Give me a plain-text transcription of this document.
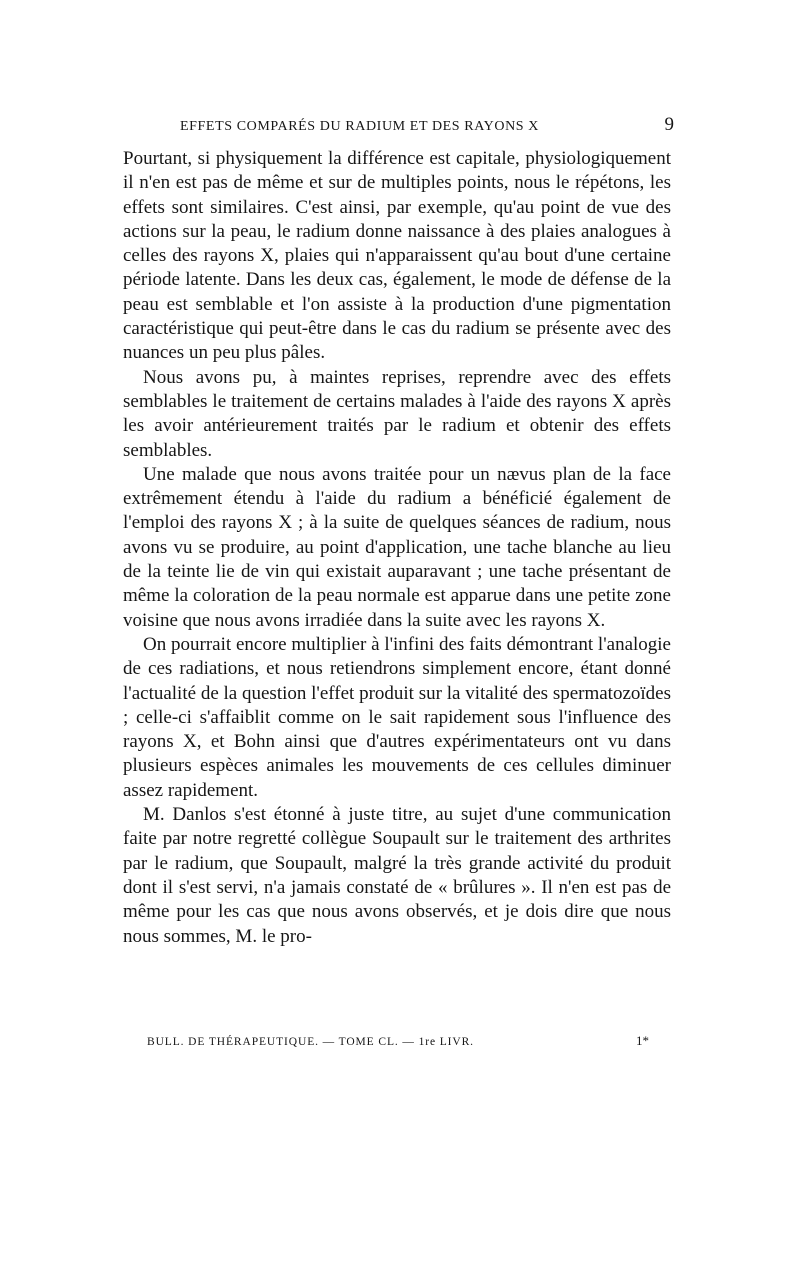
EFFETS COMPARÉS DU RADIUM ET DES RAYONS X	9

Pourtant, si physiquement la différence est capitale, physiologiquement il n'en est pas de même et sur de multiples points, nous le répétons, les effets sont similaires. C'est ainsi, par exemple, qu'au point de vue des actions sur la peau, le radium donne naissance à des plaies analogues à celles des rayons X, plaies qui n'apparaissent qu'au bout d'une certaine période latente. Dans les deux cas, également, le mode de défense de la peau est semblable et l'on assiste à la production d'une pigmentation caractéristique qui peut-être dans le cas du radium se présente avec des nuances un peu plus pâles.

Nous avons pu, à maintes reprises, reprendre avec des effets semblables le traitement de certains malades à l'aide des rayons X après les avoir antérieurement traités par le radium et obtenir des effets semblables.

Une malade que nous avons traitée pour un nævus plan de la face extrêmement étendu à l'aide du radium a bénéficié également de l'emploi des rayons X ; à la suite de quelques séances de radium, nous avons vu se produire, au point d'application, une tache blanche au lieu de la teinte lie de vin qui existait auparavant ; une tache présentant de même la coloration de la peau normale est apparue dans une petite zone voisine que nous avons irradiée dans la suite avec les rayons X.

On pourrait encore multiplier à l'infini des faits démontrant l'analogie de ces radiations, et nous retiendrons simplement encore, étant donné l'actualité de la question l'effet produit sur la vitalité des spermatozoïdes ; celle-ci s'affaiblit comme on le sait rapidement sous l'influence des rayons X, et Bohn ainsi que d'autres expérimentateurs ont vu dans plusieurs espèces animales les mouvements de ces cellules diminuer assez rapidement.

M. Danlos s'est étonné à juste titre, au sujet d'une communication faite par notre regretté collègue Soupault sur le traitement des arthrites par le radium, que Soupault, malgré la très grande activité du produit dont il s'est servi, n'a jamais constaté de « brûlures ». Il n'en est pas de même pour les cas que nous avons observés, et je dois dire que nous nous sommes, M. le pro-

BULL. DE THÉRAPEUTIQUE. — TOME CL. — 1re LIVR.	1*
